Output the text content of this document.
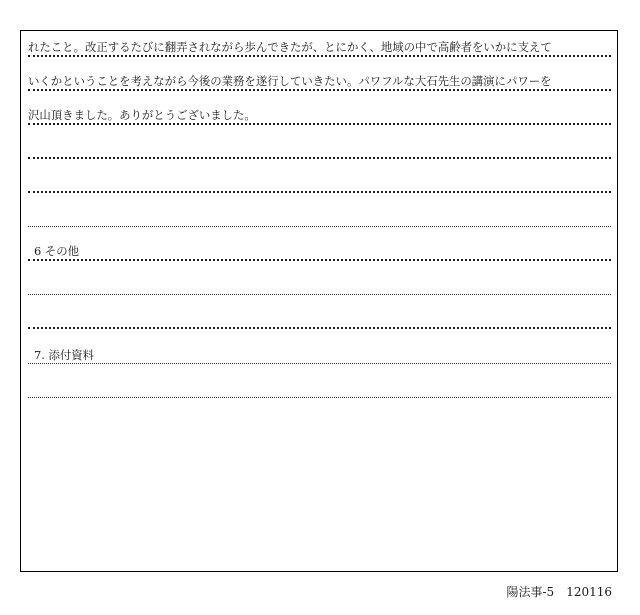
れたこと。改正するたびに翻弄されながら歩んできたが、とにかく、地域の中で高齢者をいかに支えて
いくかということを考えながら今後の業務を遂行していきたい。パワフルな大石先生の講演にパワーを
沢山頂きました。ありがとうございました。
6 その他
7. 添付資料
陽法事-5 120116
